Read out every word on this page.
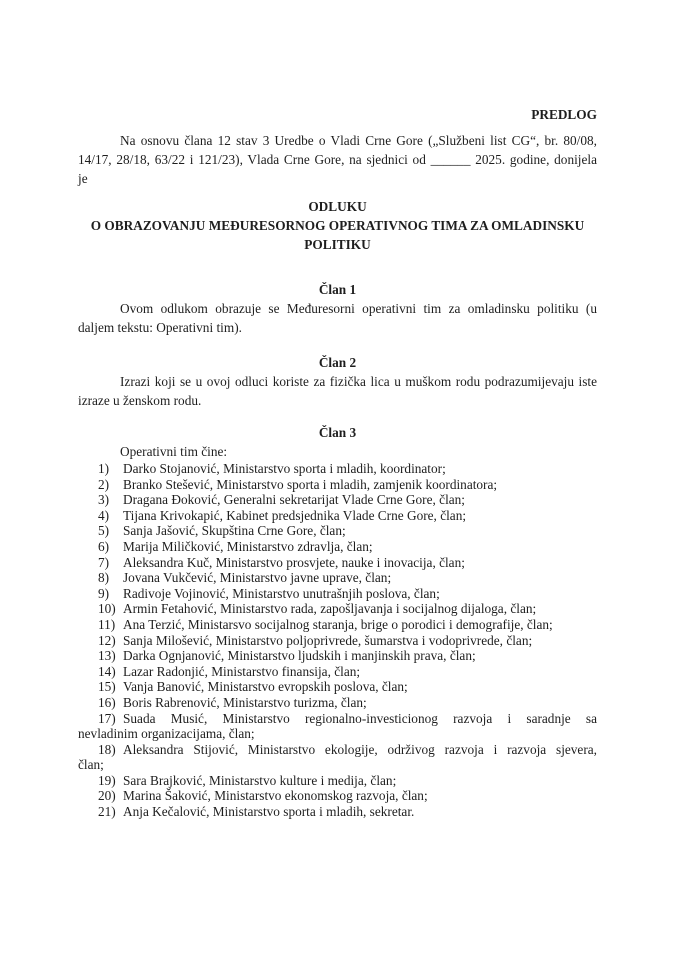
PREDLOG

Na osnovu člana 12 stav 3 Uredbe o Vladi Crne Gore („Službeni list CG“, br. 80/08,
14/17, 28/18, 63/22 i 121/23), Vlada Crne Gore, na sjednici od ______ 2025. godine, donijela
je
ODLUKU
O OBRAZOVANJU MEĐURESORNOG OPERATIVNOG TIMA ZA OMLADINSKU
POLITIKU
Član 1
Ovom odlukom obrazuje se Međuresorni operativni tim za omladinsku politiku (u
daljem tekstu: Operativni tim).
Član 2
Izrazi koji se u ovoj odluci koriste za fizička lica u muškom rodu podrazumijevaju iste
izraze u ženskom rodu.
Član 3
Operativni tim čine:

1) Darko Stojanović, Ministarstvo sporta i mladih, koordinator;

2) Branko Stešević, Ministarstvo sporta i mladih, zamjenik koordinatora;

3) Dragana Đoković, Generalni sekretarijat Vlade Crne Gore, član;

4) Tijana Krivokapić, Kabinet predsjednika Vlade Crne Gore, član;

5) Sanja Jašović, Skupština Crne Gore, član;

6) Marija Miličković, Ministarstvo zdravlja, član;

7) Aleksandra Kuč, Ministarstvo prosvjete, nauke i inovacija, član;

8) Jovana Vukčević, Ministarstvo javne uprave, član;

9) Radivoje Vojinović, Ministarstvo unutrašnjih poslova, član;

10) Armin Fetahović, Ministarstvo rada, zapošljavanja i socijalnog dijaloga, član;

11) Ana Terzić, Ministarsvo socijalnog staranja, brige o porodici i demografije, član;

12) Sanja Milošević, Ministarstvo poljoprivrede, šumarstva i vodoprivrede, član;

13) Darka Ognjanović, Ministarstvo ljudskih i manjinskih prava, član;

14) Lazar Radonjić, Ministarstvo finansija, član;

15) Vanja Banović, Ministarstvo evropskih poslova, član;

16) Boris Rabrenović, Ministarstvo turizma, član;

17) Suada Musić, Ministarstvo regionalno-investicionog razvoja i saradnje sa
nevladinim organizacijama, član;

18) Aleksandra Stijović, Ministarstvo ekologije, održivog razvoja i razvoja sjevera,
član;

19) Sara Brajković, Ministarstvo kulture i medija, član;

20) Marina Šaković, Ministarstvo ekonomskog razvoja, član;

21) Anja Kečalović, Ministarstvo sporta i mladih, sekretar.
